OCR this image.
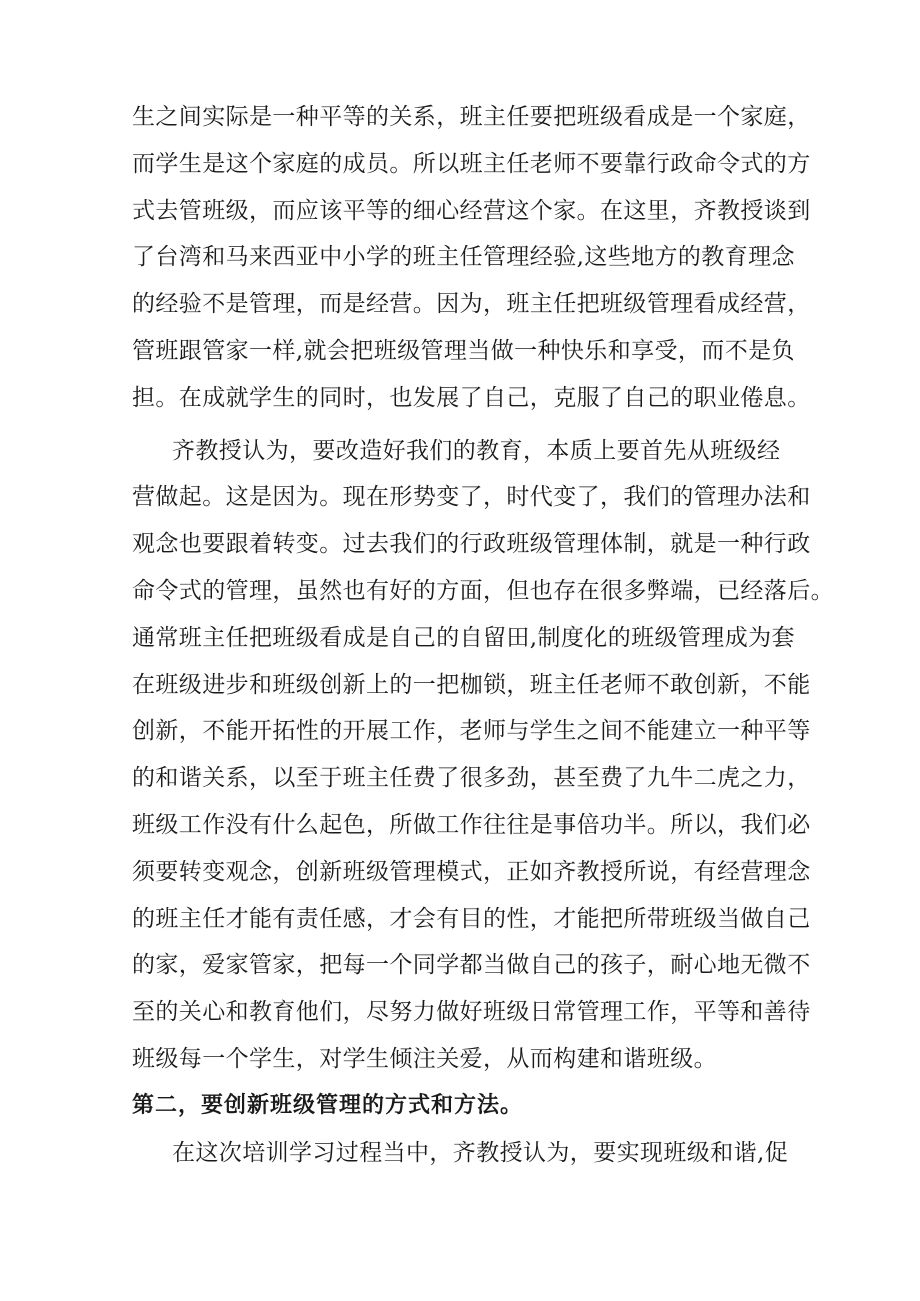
生之间实际是一种平等的关系，班主任要把班级看成是一个家庭，
而学生是这个家庭的成员。所以班主任老师不要靠行政命令式的方
式去管班级，而应该平等的细心经营这个家。在这里，齐教授谈到
了台湾和马来西亚中小学的班主任管理经验,这些地方的教育理念
的经验不是管理，而是经营。因为，班主任把班级管理看成经营，
管班跟管家一样,就会把班级管理当做一种快乐和享受，而不是负
担。在成就学生的同时，也发展了自己，克服了自己的职业倦息。
齐教授认为，要改造好我们的教育，本质上要首先从班级经
营做起。这是因为。现在形势变了，时代变了，我们的管理办法和
观念也要跟着转变。过去我们的行政班级管理体制，就是一种行政
命令式的管理，虽然也有好的方面，但也存在很多弊端，已经落后。
通常班主任把班级看成是自己的自留田,制度化的班级管理成为套
在班级进步和班级创新上的一把枷锁，班主任老师不敢创新，不能
创新，不能开拓性的开展工作，老师与学生之间不能建立一种平等
的和谐关系，以至于班主任费了很多劲，甚至费了九牛二虎之力，
班级工作没有什么起色，所做工作往往是事倍功半。所以，我们必
须要转变观念，创新班级管理模式，正如齐教授所说，有经营理念
的班主任才能有责任感，才会有目的性，才能把所带班级当做自己
的家，爱家管家，把每一个同学都当做自己的孩子，耐心地无微不
至的关心和教育他们，尽努力做好班级日常管理工作，平等和善待
班级每一个学生，对学生倾注关爱，从而构建和谐班级。
第二，要创新班级管理的方式和方法。
在这次培训学习过程当中，齐教授认为，要实现班级和谐,促
